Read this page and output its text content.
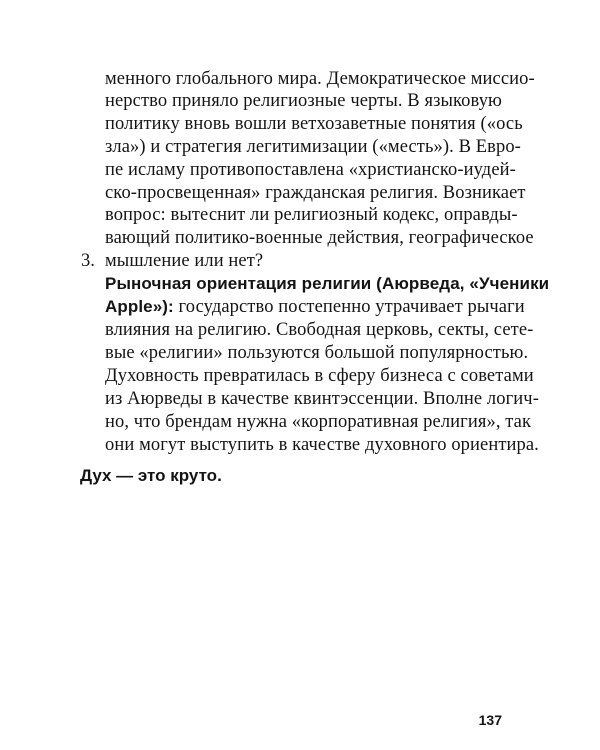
менного глобального мира. Демократическое миссио-

нерство приняло религиозные черты. В языковую

политику вновь вошли ветхозаветные понятия («ось

зла») и стратегия легитимизации («месть»). В Евро-

пе исламу противопоставлена «христианско-иудей-

ско-просвещенная» гражданская религия. Возникает

вопрос: вытеснит ли религиозный кодекс, оправды-

вающий политико-военные действия, географическое

мышление или нет?

3.

Рыночная ориентация религии (Аюрведа, «Ученики

Apple»): государство постепенно утрачивает рычаги

влияния на религию. Свободная церковь, секты, сете-

вые «религии» пользуются большой популярностью.

Духовность превратилась в сферу бизнеса с советами

из Аюрведы в качестве квинтэссенции. Вполне логич-

но, что брендам нужна «корпоративная религия», так

они могут выступить в качестве духовного ориентира.

Дух — это круто.
137
